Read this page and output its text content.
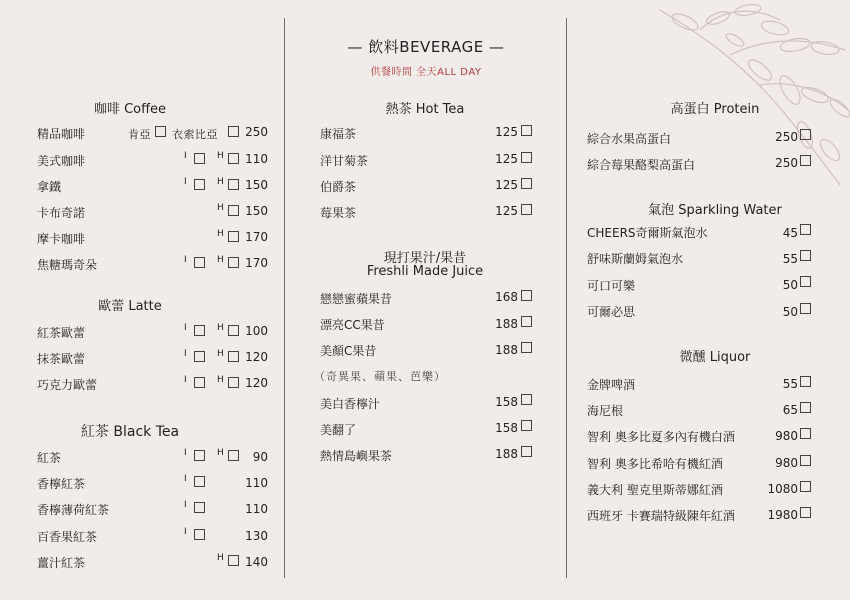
— 飲料BEVERAGE —
供餐時間 全天ALL DAY
咖啡 Coffee
精品咖啡	肯亞 衣索比亞	250
美式咖啡	I	H	110
拿鐵	I	H	150
卡布奇諾	H	150
摩卡咖啡	H	170
焦糖瑪奇朵	I	H	170
歐蕾 Latte
紅茶歐蕾	I	H	100
抹茶歐蕾	I	H	120
巧克力歐蕾	I	H	120
紅茶 Black Tea
紅茶	I	H	90
香檸紅茶	I	110
香檸薄荷紅茶	I	110
百香果紅茶	I	130
薑汁紅茶	H	140
熱茶 Hot Tea
康福茶	125
洋甘菊茶	125
伯爵茶	125
莓果茶	125
現打果汁/果昔
Freshli Made Juice
戀戀蜜蘋果昔	168
漂亮CC果昔	188
美顏C果昔	188
（奇異果、蘋果、芭樂）
美白香檸汁	158
美翻了	158
熱情島嶼果茶	188
高蛋白 Protein
綜合水果高蛋白	250
綜合莓果酪梨高蛋白	250
氣泡 Sparkling Water
CHEERS奇爾斯氣泡水	45
舒味斯蘭姆氣泡水	55
可口可樂	50
可爾必思	50
微醺 Liquor
金牌啤酒	55
海尼根	65
智利 奧多比夏多內有機白酒	980
智利 奧多比希哈有機紅酒	980
義大利 聖克里斯蒂娜紅酒	1080
西班牙 卡賽瑞特級陳年紅酒	1980
